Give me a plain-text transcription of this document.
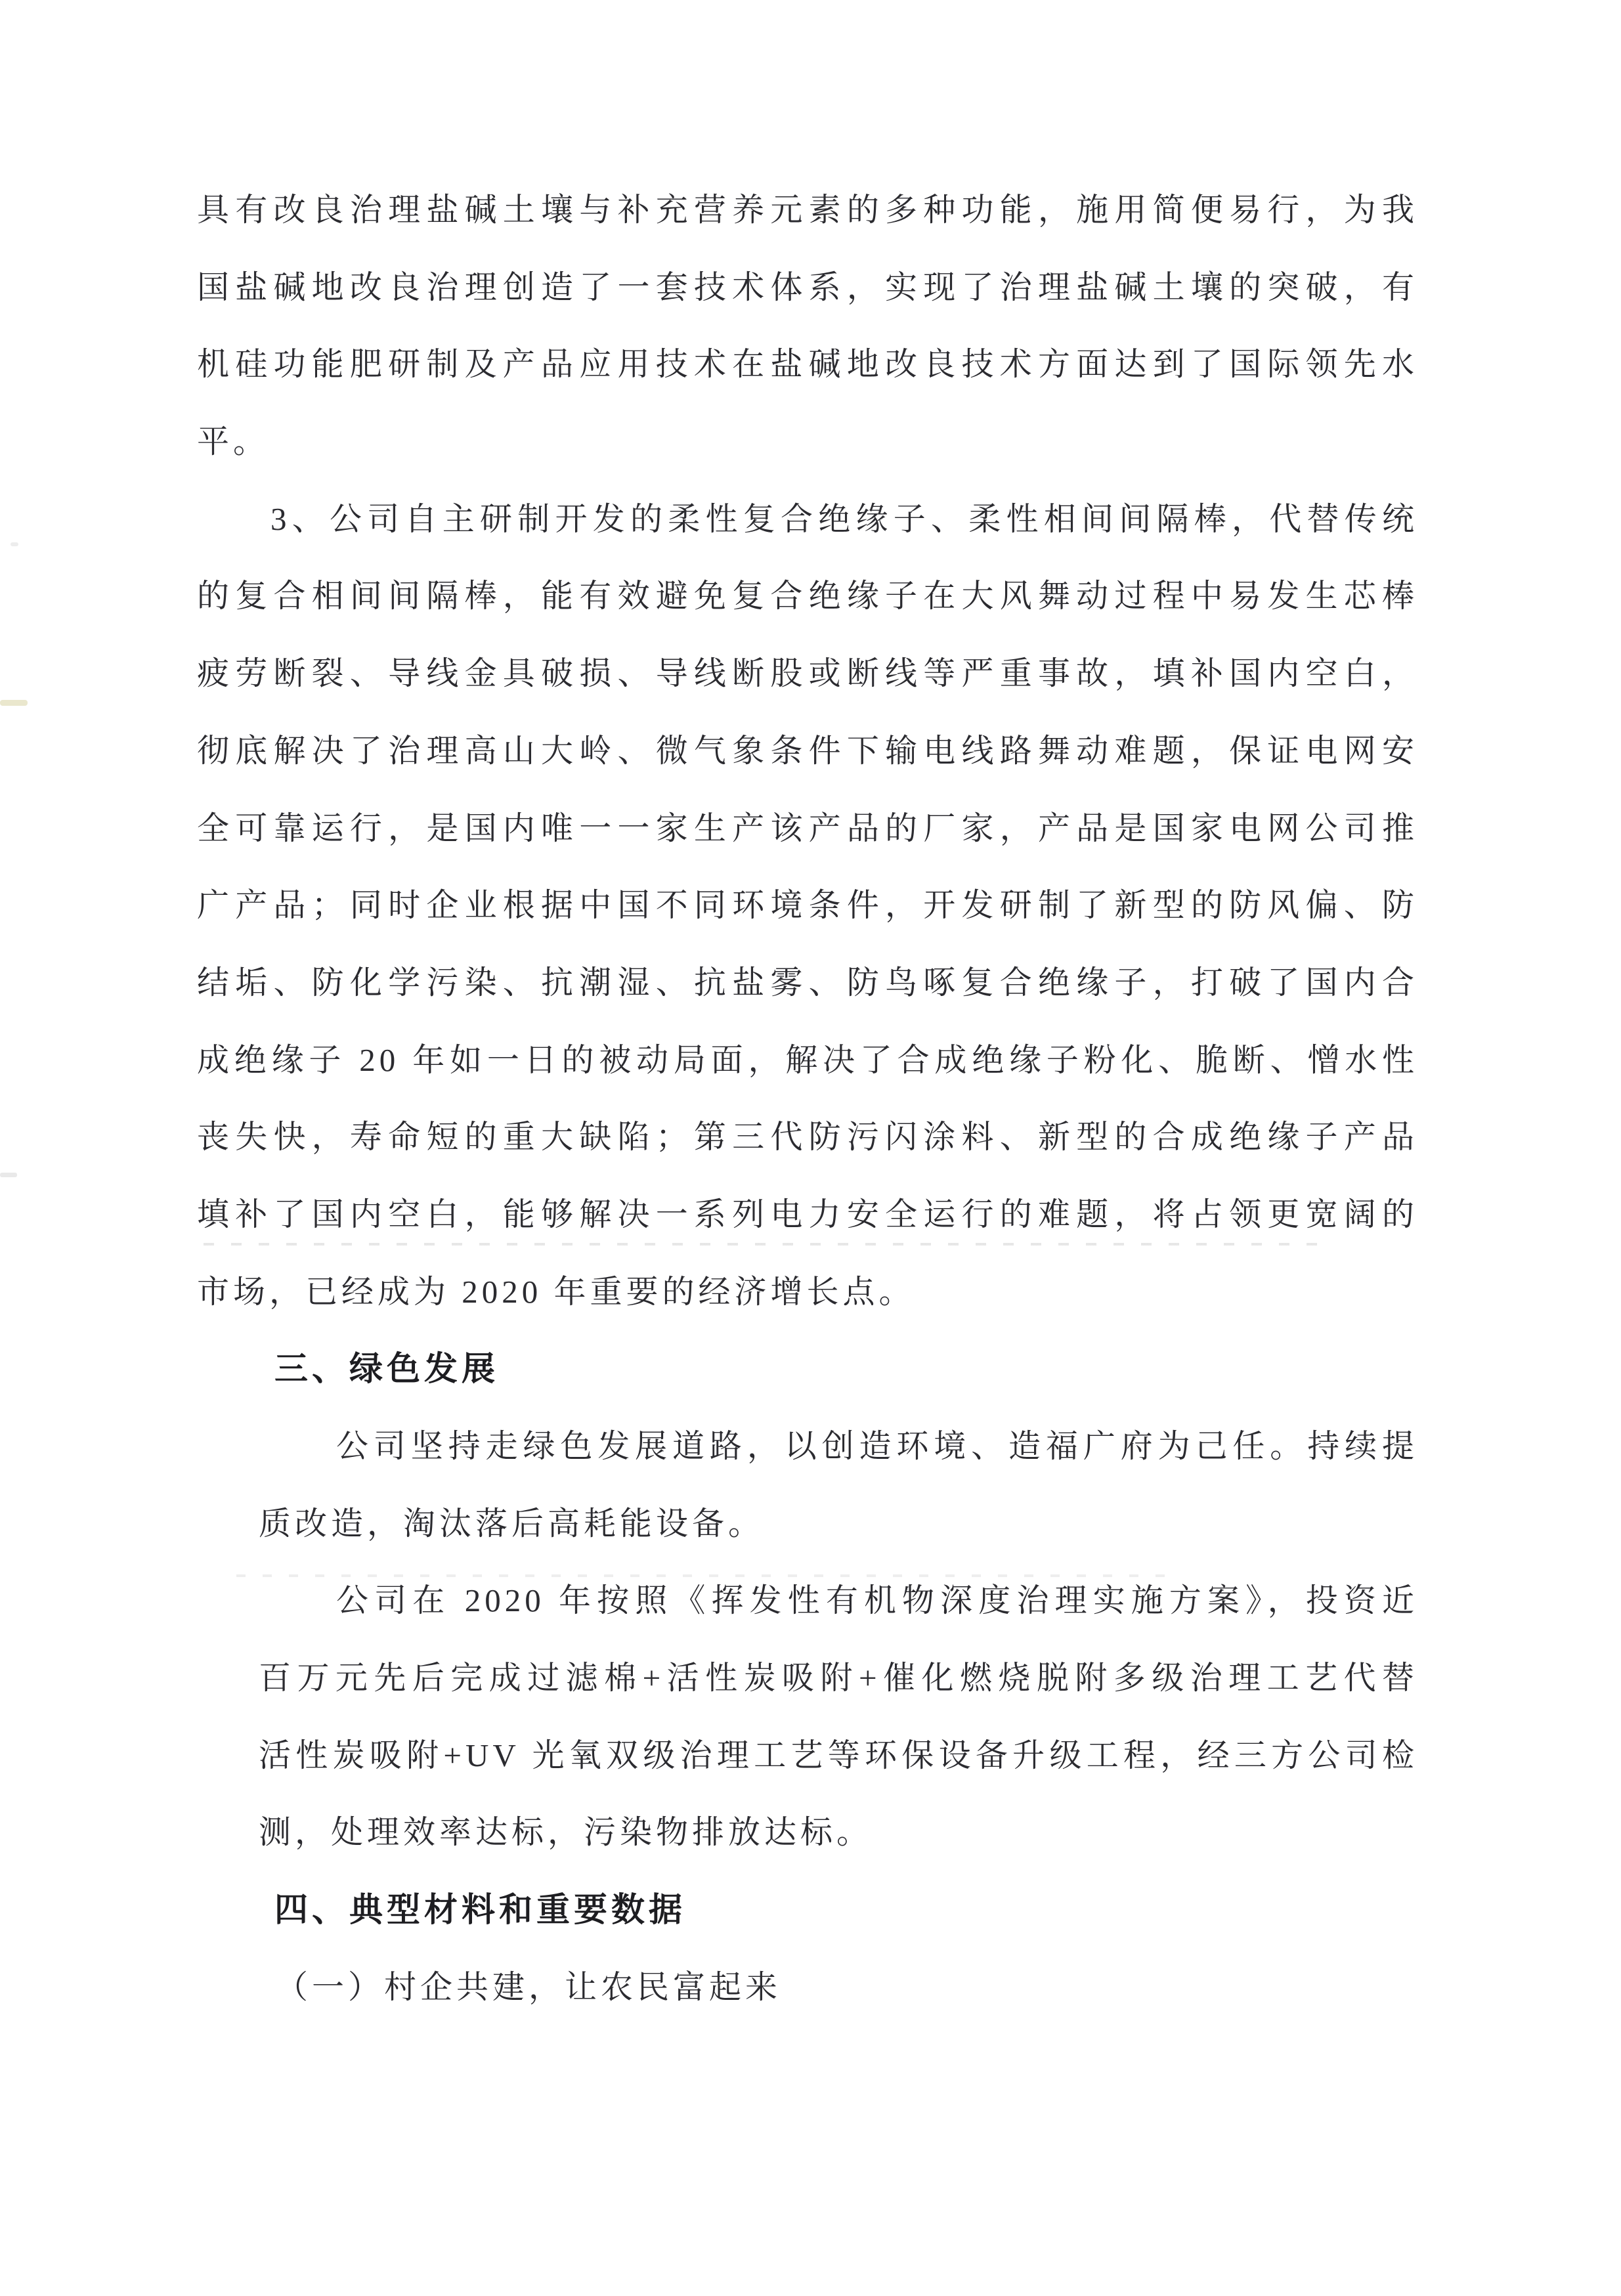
具有改良治理盐碱土壤与补充营养元素的多种功能，施用简便易行，为我
国盐碱地改良治理创造了一套技术体系，实现了治理盐碱土壤的突破，有
机硅功能肥研制及产品应用技术在盐碱地改良技术方面达到了国际领先水
平。
3、公司自主研制开发的柔性复合绝缘子、柔性相间间隔棒，代替传统
的复合相间间隔棒，能有效避免复合绝缘子在大风舞动过程中易发生芯棒
疲劳断裂、导线金具破损、导线断股或断线等严重事故，填补国内空白，
彻底解决了治理高山大岭、微气象条件下输电线路舞动难题，保证电网安
全可靠运行，是国内唯一一家生产该产品的厂家，产品是国家电网公司推
广产品；同时企业根据中国不同环境条件，开发研制了新型的防风偏、防
结垢、防化学污染、抗潮湿、抗盐雾、防鸟啄复合绝缘子，打破了国内合
成绝缘子 20 年如一日的被动局面，解决了合成绝缘子粉化、脆断、憎水性
丧失快，寿命短的重大缺陷；第三代防污闪涂料、新型的合成绝缘子产品
填补了国内空白，能够解决一系列电力安全运行的难题，将占领更宽阔的
市场，已经成为 2020 年重要的经济增长点。
三、绿色发展
公司坚持走绿色发展道路，以创造环境、造福广府为己任。持续提
质改造，淘汰落后高耗能设备。
公司在 2020 年按照《挥发性有机物深度治理实施方案》，投资近
百万元先后完成过滤棉+活性炭吸附+催化燃烧脱附多级治理工艺代替
活性炭吸附+UV 光氧双级治理工艺等环保设备升级工程，经三方公司检
测，处理效率达标，污染物排放达标。
四、典型材料和重要数据
（一）村企共建，让农民富起来
